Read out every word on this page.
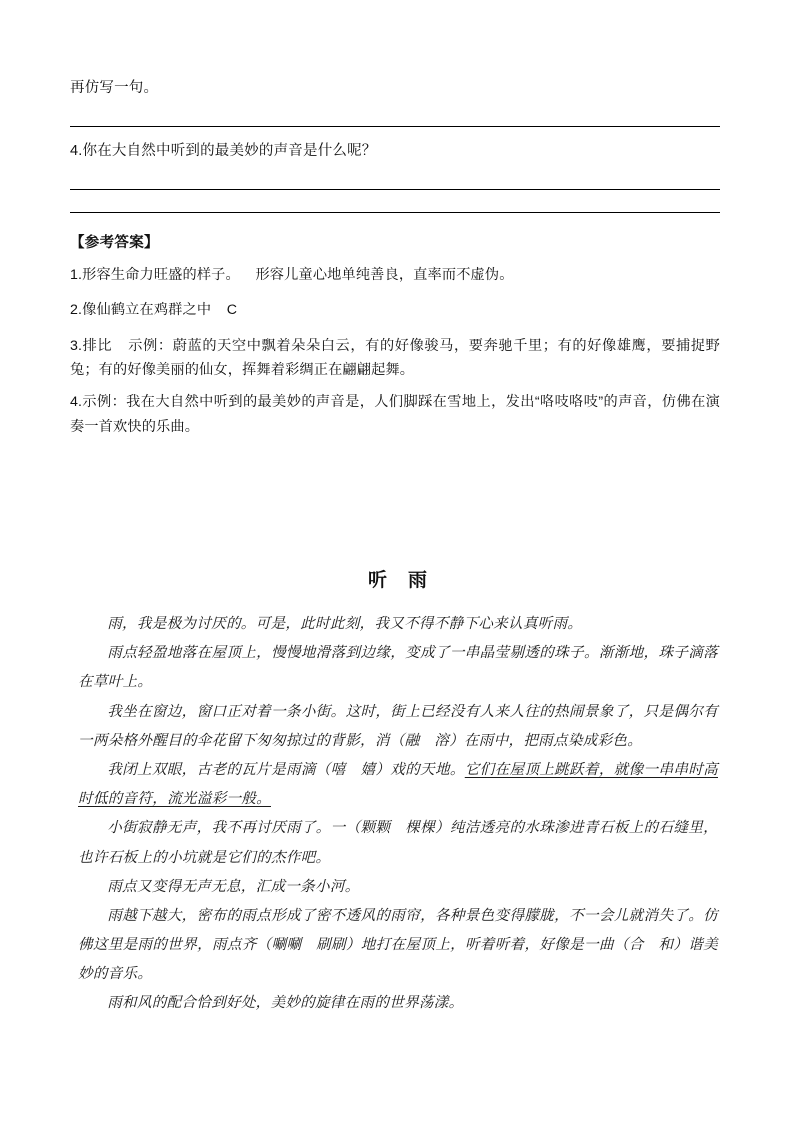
再仿写一句。
4.你在大自然中听到的最美妙的声音是什么呢？
【参考答案】
1.形容生命力旺盛的样子。 形容儿童心地单纯善良，直率而不虚伪。
2.像仙鹤立在鸡群之中 C
3.排比 示例：蔚蓝的天空中飘着朵朵白云，有的好像骏马，要奔驰千里；有的好像雄鹰，要捕捉野兔；有的好像美丽的仙女，挥舞着彩绸正在翩翩起舞。
4.示例：我在大自然中听到的最美妙的声音是，人们脚踩在雪地上，发出“咯吱咯吱”的声音，仿佛在演奏一首欢快的乐曲。
听　雨

雨，我是极为讨厌的。可是，此时此刻，我又不得不静下心来认真听雨。

雨点轻盈地落在屋顶上，慢慢地滑落到边缘，变成了一串晶莹剔透的珠子。渐渐地，珠子滴落在草叶上。

我坐在窗边，窗口正对着一条小街。这时，街上已经没有人来人往的热闹景象了，只是偶尔有一两朵格外醒目的伞花留下匆匆掠过的背影，消（融　溶）在雨中，把雨点染成彩色。

我闭上双眼，古老的瓦片是雨滴（嘻　嬉）戏的天地。它们在屋顶上跳跃着，就像一串串时高时低的音符，流光溢彩一般。

小街寂静无声，我不再讨厌雨了。一（颗颗　棵棵）纯洁透亮的水珠渗进青石板上的石缝里，也许石板上的小坑就是它们的杰作吧。

雨点又变得无声无息，汇成一条小河。

雨越下越大，密布的雨点形成了密不透风的雨帘，各种景色变得朦胧，不一会儿就消失了。仿佛这里是雨的世界，雨点齐（唰唰　刷刷）地打在屋顶上，听着听着，好像是一曲（合　和）谐美妙的音乐。

雨和风的配合恰到好处，美妙的旋律在雨的世界荡漾。
